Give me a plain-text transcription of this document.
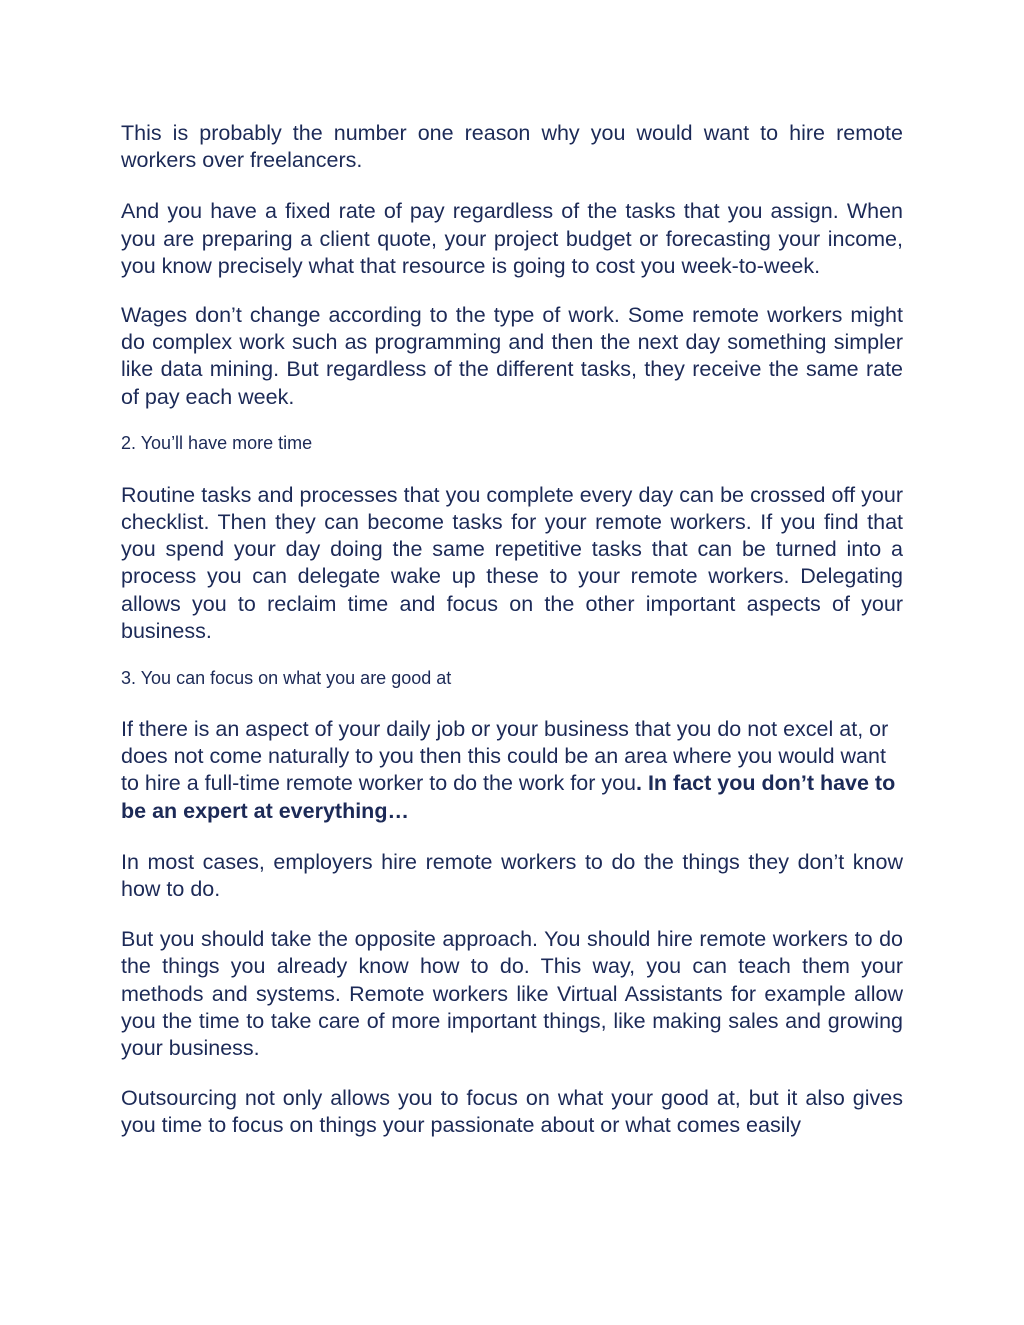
This is probably the number one reason why you would want to hire remote workers over freelancers.

And you have a fixed rate of pay regardless of the tasks that you assign. When you are preparing a client quote, your project budget or forecasting your income, you know precisely what that resource is going to cost you week-to-week.

Wages don’t change according to the type of work. Some remote workers might do complex work such as programming and then the next day something simpler like data mining. But regardless of the different tasks, they receive the same rate of pay each week.

2. You’ll have more time

Routine tasks and processes that you complete every day can be crossed off your checklist. Then they can become tasks for your remote workers. If you find that you spend your day doing the same repetitive tasks that can be turned into a process you can delegate wake up these to your remote workers. Delegating allows you to reclaim time and focus on the other important aspects of your business.

3. You can focus on what you are good at

If there is an aspect of your daily job or your business that you do not excel at, or does not come naturally to you then this could be an area where you would want to hire a full-time remote worker to do the work for you. In fact you don’t have to be an expert at everything…

In most cases, employers hire remote workers to do the things they don’t know how to do.

But you should take the opposite approach. You should hire remote workers to do the things you already know how to do. This way, you can teach them your methods and systems. Remote workers like Virtual Assistants for example allow you the time to take care of more important things, like making sales and growing your business.

Outsourcing not only allows you to focus on what your good at, but it also gives you time to focus on things your passionate about or what comes easily
